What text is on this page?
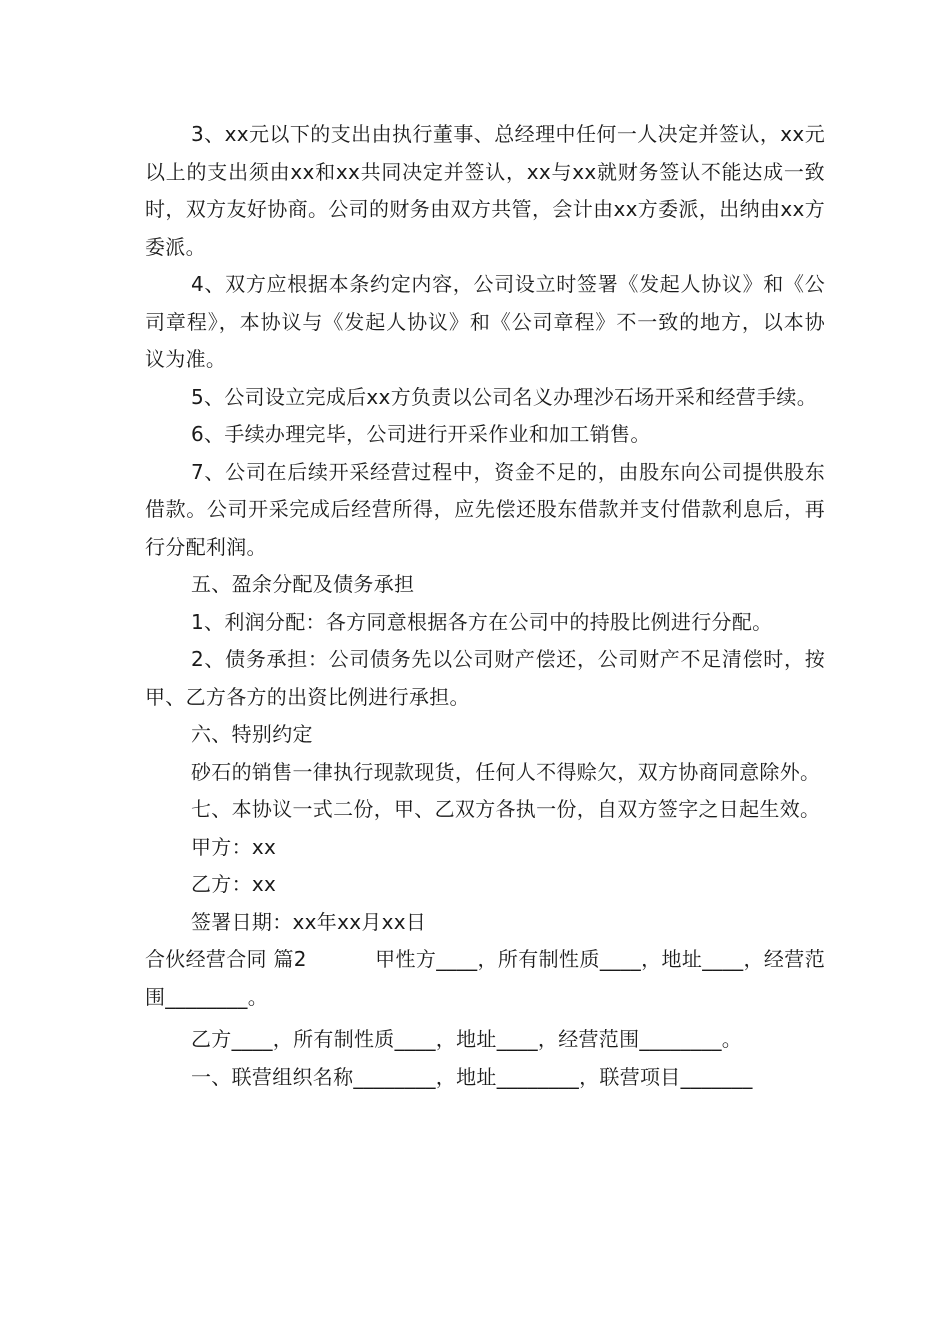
3、xx元以下的支出由执行董事、总经理中任何一人决定并签认，xx元以上的支出须由xx和xx共同决定并签认，xx与xx就财务签认不能达成一致时，双方友好协商。公司的财务由双方共管，会计由xx方委派，出纳由xx方委派。

4、双方应根据本条约定内容，公司设立时签署《发起人协议》和《公司章程》，本协议与《发起人协议》和《公司章程》不一致的地方，以本协议为准。

5、公司设立完成后xx方负责以公司名义办理沙石场开采和经营手续。

6、手续办理完毕，公司进行开采作业和加工销售。

7、公司在后续开采经营过程中，资金不足的，由股东向公司提供股东借款。公司开采完成后经营所得，应先偿还股东借款并支付借款利息后，再行分配利润。

五、盈余分配及债务承担

1、利润分配：各方同意根据各方在公司中的持股比例进行分配。

2、债务承担：公司债务先以公司财产偿还，公司财产不足清偿时，按甲、乙方各方的出资比例进行承担。

六、特别约定

砂石的销售一律执行现款现货，任何人不得赊欠，双方协商同意除外。

七、本协议一式二份，甲、乙双方各执一份，自双方签字之日起生效。

甲方：xx

乙方：xx

签署日期：xx年xx月xx日

合伙经营合同 篇2	甲性方____，所有制性质____，地址____，经营范围________。

乙方____，所有制性质____，地址____，经营范围________。

一、联营组织名称________，地址________，联营项目_______
